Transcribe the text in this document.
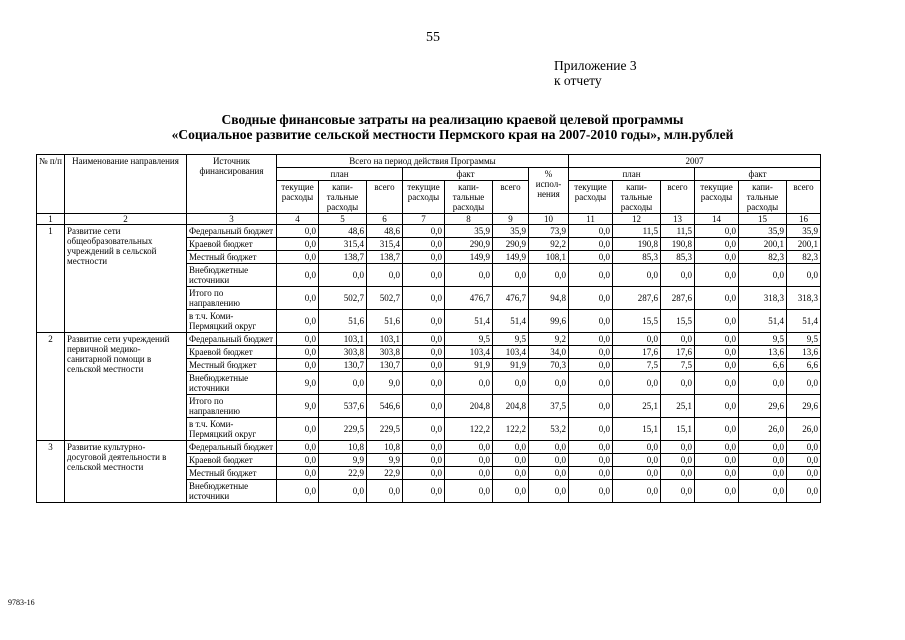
55
Приложение 3
к отчету
Сводные финансовые затраты на реализацию краевой целевой программы
«Социальное развитие сельской местности Пермского края на 2007-2010 годы», млн.рублей
№ п/п	Наименование направления	Источник финансирования	Всего на период действия Программы							2007					
			план			факт			% испол-нения	план			факт		
			текущие расходы	капи-тальные расходы	всего	текущие расходы	капи-тальные расходы	всего		текущие расходы	капи-тальные расходы	всего	текущие расходы	капи-тальные расходы	всего
1	2	3	4	5	6	7	8	9	10	11	12	13	14	15	16
1	Развитие сети общеобразовательных учреждений в сельской местности	Федеральный бюджет	0,0	48,6	48,6	0,0	35,9	35,9	73,9	0,0	11,5	11,5	0,0	35,9	35,9
		Краевой бюджет	0,0	315,4	315,4	0,0	290,9	290,9	92,2	0,0	190,8	190,8	0,0	200,1	200,1
		Местный бюджет	0,0	138,7	138,7	0,0	149,9	149,9	108,1	0,0	85,3	85,3	0,0	82,3	82,3
		Внебюджетные источники	0,0	0,0	0,0	0,0	0,0	0,0	0,0	0,0	0,0	0,0	0,0	0,0	0,0
		Итого по направлению	0,0	502,7	502,7	0,0	476,7	476,7	94,8	0,0	287,6	287,6	0,0	318,3	318,3
		в т.ч. Коми-Пермяцкий округ	0,0	51,6	51,6	0,0	51,4	51,4	99,6	0,0	15,5	15,5	0,0	51,4	51,4
2	Развитие сети учреждений первичной медико-санитарной помощи в сельской местности	Федеральный бюджет	0,0	103,1	103,1	0,0	9,5	9,5	9,2	0,0	0,0	0,0	0,0	9,5	9,5
		Краевой бюджет	0,0	303,8	303,8	0,0	103,4	103,4	34,0	0,0	17,6	17,6	0,0	13,6	13,6
		Местный бюджет	0,0	130,7	130,7	0,0	91,9	91,9	70,3	0,0	7,5	7,5	0,0	6,6	6,6
		Внебюджетные источники	9,0	0,0	9,0	0,0	0,0	0,0	0,0	0,0	0,0	0,0	0,0	0,0	0,0
		Итого по направлению	9,0	537,6	546,6	0,0	204,8	204,8	37,5	0,0	25,1	25,1	0,0	29,6	29,6
		в т.ч. Коми-Пермяцкий округ	0,0	229,5	229,5	0,0	122,2	122,2	53,2	0,0	15,1	15,1	0,0	26,0	26,0
3	Развитие культурно-досуговой деятельности в сельской местности	Федеральный бюджет	0,0	10,8	10,8	0,0	0,0	0,0	0,0	0,0	0,0	0,0	0,0	0,0	0,0
		Краевой бюджет	0,0	9,9	9,9	0,0	0,0	0,0	0,0	0,0	0,0	0,0	0,0	0,0	0,0
		Местный бюджет	0,0	22,9	22,9	0,0	0,0	0,0	0,0	0,0	0,0	0,0	0,0	0,0	0,0
		Внебюджетные источники	0,0	0,0	0,0	0,0	0,0	0,0	0,0	0,0	0,0	0,0	0,0	0,0	0,0
9783-16
